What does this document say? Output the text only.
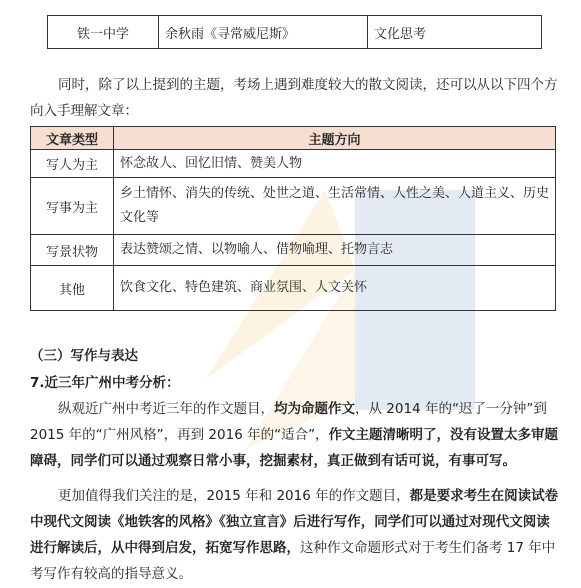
铁一中学	余秋雨《寻常威尼斯》	文化思考

同时，除了以上提到的主题，考场上遇到难度较大的散文阅读，还可以从以下四个方向入手理解文章：

文章类型	主题方向
写人为主	怀念故人、回忆旧情、赞美人物
写事为主	乡土情怀、消失的传统、处世之道、生活常情、人性之美、人道主义、历史文化等
写景状物	表达赞颂之情、以物喻人、借物喻理、托物言志
其他	饮食文化、特色建筑、商业氛围、人文关怀

（三）写作与表达

7.近三年广州中考分析：

纵观近广州中考近三年的作文题目，均为命题作文，从 2014 年的“迟了一分钟”到 2015 年的“广州风格”，再到 2016 年的“适合”，作文主题清晰明了，没有设置太多审题障碍，同学们可以通过观察日常小事，挖掘素材，真正做到有话可说，有事可写。

更加值得我们关注的是，2015 年和 2016 年的作文题目，都是要求考生在阅读试卷中现代文阅读《地铁客的风格》《独立宣言》后进行写作，同学们可以通过对现代文阅读进行解读后，从中得到启发，拓宽写作思路，这种作文命题形式对于考生们备考 17 年中考写作有较高的指导意义。
